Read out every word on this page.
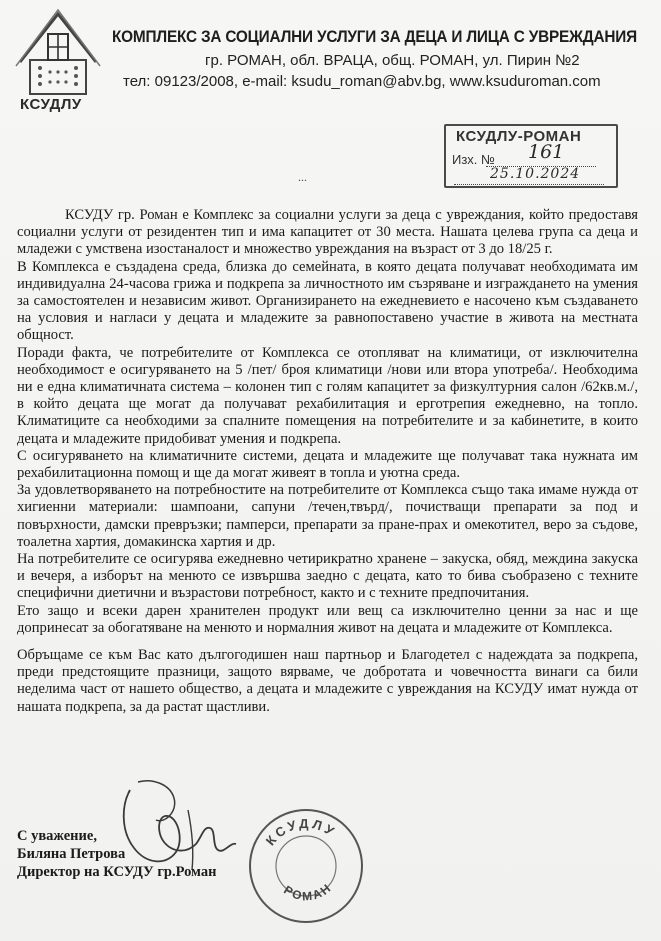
КСУДЛУ
КОМПЛЕКС ЗА СОЦИАЛНИ УСЛУГИ ЗА ДЕЦА И ЛИЦА С УВРЕЖДАНИЯ
гр. РОМАН, обл. ВРАЦА, общ. РОМАН, ул. Пирин №2
тел: 09123/2008, e-mail: ksudu_roman@abv.bg, www.ksuduroman.com
КСУДЛУ-РОМАН
Изх. № 161
25.10.2024
...

КСУДУ гр. Роман е Комплекс за социални услуги за деца с увреждания, който предоставя социални услуги от резидентен тип и има капацитет от 30 места. Нашата целева група са деца и младежи с умствена изостаналост и множество увреждания на възраст от 3 до 18/25 г.

В Комплекса е създадена среда, близка до семейната, в която децата получават необходимата им индивидуална 24-часова грижа и подкрепа за личностното им съзряване и изграждането на умения за самостоятелен и независим живот. Организирането на ежедневието е насочено към създаването на условия и нагласи у децата и младежите за равнопоставено участие в живота на местната общност.

Поради факта, че потребителите от Комплекса се отопляват на климатици, от изключителна необходимост е осигуряването на 5 /пет/ броя климатици /нови или втора употреба/. Необходима ни е една климатичната система – колонен тип с голям капацитет за физкултурния салон /62кв.м./, в който децата ще могат да получават рехабилитация и ерготрепия ежедневно, на топло. Климатиците са необходими за спалните помещения на потребителите и за кабинетите, в които децата и младежите придобиват умения и подкрепа.

С осигуряването на климатичните системи, децата и младежите ще получават така нужната им рехабилитационна помощ и ще да могат живеят в топла и уютна среда.

За удовлетворяването на потребностите на потребителите от Комплекса също така имаме нужда от хигиенни материали: шампоани, сапуни /течен,твърд/, почистващи препарати за под и повърхности, дамски превръзки; памперси, препарати за пране-прах и омекотител, веро за съдове, тоалетна хартия, домакинска хартия и др.

На потребителите се осигурява ежедневно четирикратно хранене – закуска, обяд, междина закуска и вечеря, а изборът на менюто се извършва заедно с децата, като то бива съобразено с техните специфични диетични и възрастови потребност, както и с техните предпочитания.

Ето защо и всеки дарен хранителен продукт или вещ са изключително ценни за нас и ще допринесат за обогатяване на менюто и нормалния живот на децата и младежите от Комплекса.

Обръщаме се към Вас като дългогодишен наш партньор и Благодетел с надеждата за подкрепа, преди предстоящите празници, защото вярваме, че добротата и човечността винаги са били неделима част от нашето общество, а децата и младежите с увреждания на КСУДУ имат нужда от нашата подкрепа, за да растат щастливи.

КСУДЛУ
РОМАН
С уважение,
Биляна Петрова
Директор на КСУДУ гр.Роман
